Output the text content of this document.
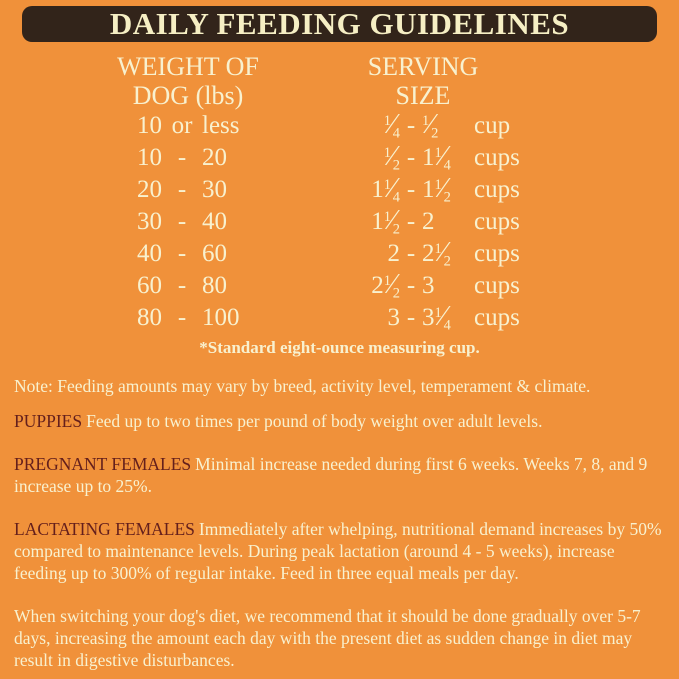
DAILY FEEDING GUIDELINES
WEIGHT OF
DOG (lbs)
SERVING
SIZE
10 or less	$^1⁄_4$ - $^1⁄_2$	cup
10 - 20	$^1⁄_2$ - $1^1⁄_4$ cups
20 - 30	$1^1⁄_4$ - $1^1⁄_2$ cups
30 - 40	$1^1⁄_2 - 2$	cups
40 - 60	$2 - 2^1⁄_2$ cups
60 - 80	$2^1⁄_2 - 3$	cups
80 - 100	$3 - 3^1⁄_4$ cups
*Standard eight-ounce measuring cup.

Note: Feeding amounts may vary by breed, activity level, temperament & climate.

PUPPIES Feed up to two times per pound of body weight over adult levels.

PREGNANT FEMALES Minimal increase needed during first 6 weeks. Weeks 7, 8, and 9 increase up to 25%.

LACTATING FEMALES Immediately after whelping, nutritional demand increases by 50% compared to maintenance levels. During peak lactation (around 4 - 5 weeks), increase feeding up to 300% of regular intake. Feed in three equal meals per day.

When switching your dog's diet, we recommend that it should be done gradually over 5-7 days, increasing the amount each day with the present diet as sudden change in diet may result in digestive disturbances.
